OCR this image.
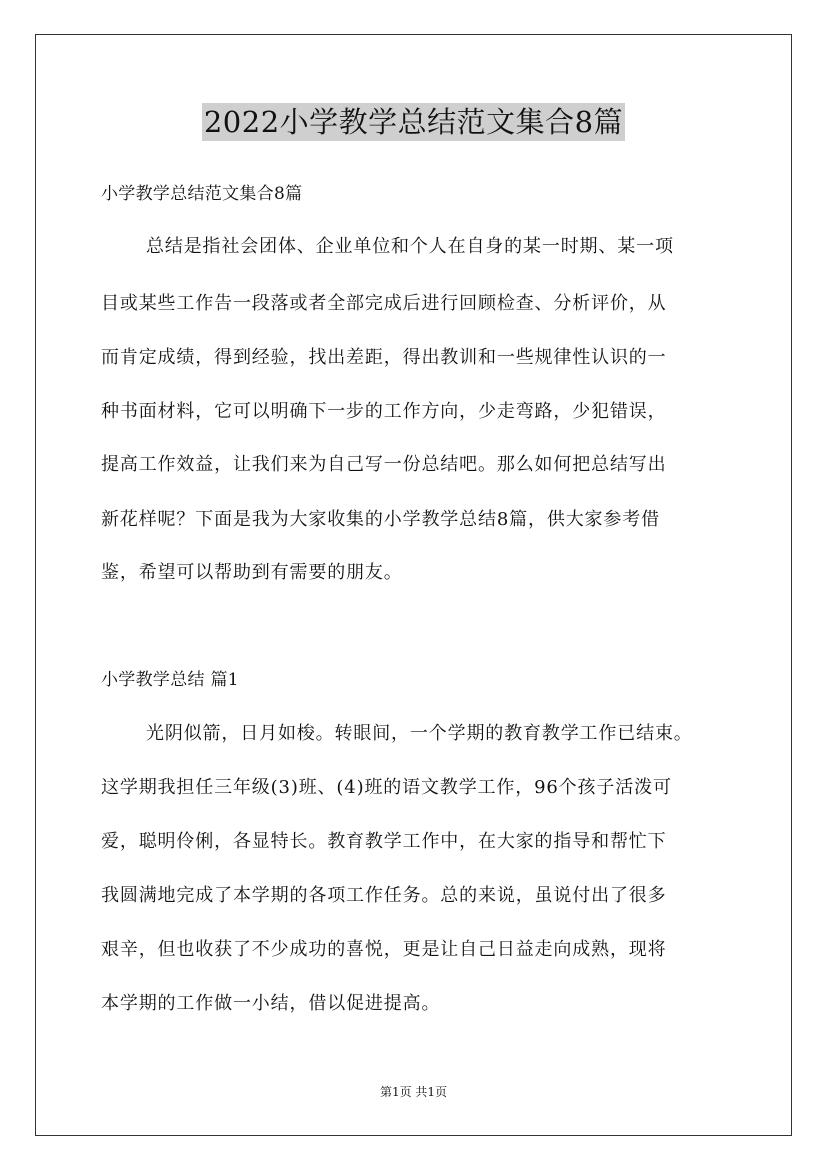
2022小学教学总结范文集合8篇
小学教学总结范文集合8篇
总结是指社会团体、企业单位和个人在自身的某一时期、某一项
目或某些工作告一段落或者全部完成后进行回顾检查、分析评价，从
而肯定成绩，得到经验，找出差距，得出教训和一些规律性认识的一
种书面材料，它可以明确下一步的工作方向，少走弯路，少犯错误，
提高工作效益，让我们来为自己写一份总结吧。那么如何把总结写出
新花样呢？下面是我为大家收集的小学教学总结8篇，供大家参考借
鉴，希望可以帮助到有需要的朋友。
小学教学总结 篇1
光阴似箭，日月如梭。转眼间，一个学期的教育教学工作已结束。
这学期我担任三年级(3)班、(4)班的语文教学工作，96个孩子活泼可
爱，聪明伶俐，各显特长。教育教学工作中，在大家的指导和帮忙下
我圆满地完成了本学期的各项工作任务。总的来说，虽说付出了很多
艰辛，但也收获了不少成功的喜悦，更是让自己日益走向成熟，现将
本学期的工作做一小结，借以促进提高。
第1页 共1页
